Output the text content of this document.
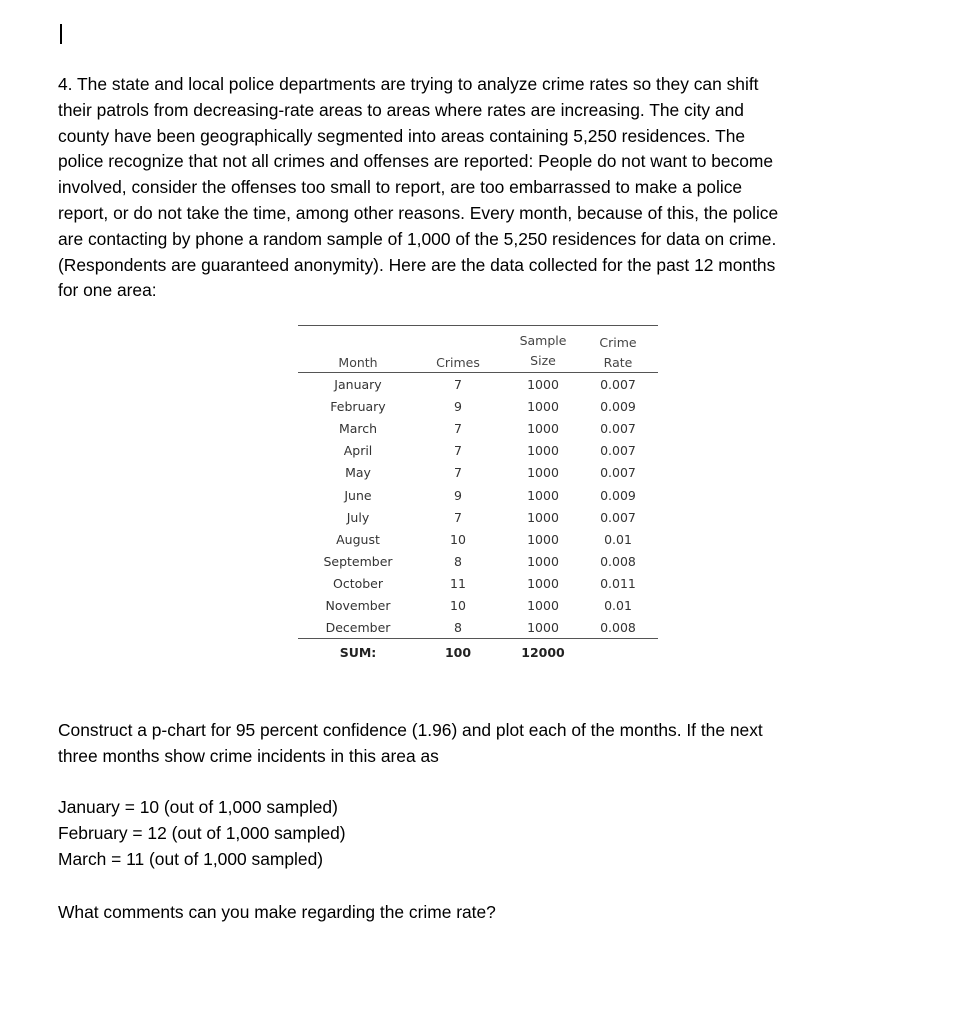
4. The state and local police departments are trying to analyze crime rates so they can shift
their patrols from decreasing-rate areas to areas where rates are increasing. The city and
county have been geographically segmented into areas containing 5,250 residences. The
police recognize that not all crimes and offenses are reported: People do not want to become
involved, consider the offenses too small to report, are too embarrassed to make a police
report, or do not take the time, among other reasons. Every month, because of this, the police
are contacting by phone a random sample of 1,000 of the 5,250 residences for data on crime.
(Respondents are guaranteed anonymity). Here are the data collected for the past 12 months
for one area:

Sample	Crime
Month	Crimes	Size	Rate
January	7	1000	0.007
February	9	1000	0.009
March	7	1000	0.007
April	7	1000	0.007
May	7	1000	0.007
June	9	1000	0.009
July	7	1000	0.007
August	10	1000	0.01
September	8	1000	0.008
October	11	1000	0.011
November	10	1000	0.01
December	8	1000	0.008
SUM:	100	12000

Construct a p-chart for 95 percent confidence (1.96) and plot each of the months. If the next
three months show crime incidents in this area as

January = 10 (out of 1,000 sampled)
February = 12 (out of 1,000 sampled)
March = 11 (out of 1,000 sampled)

What comments can you make regarding the crime rate?
